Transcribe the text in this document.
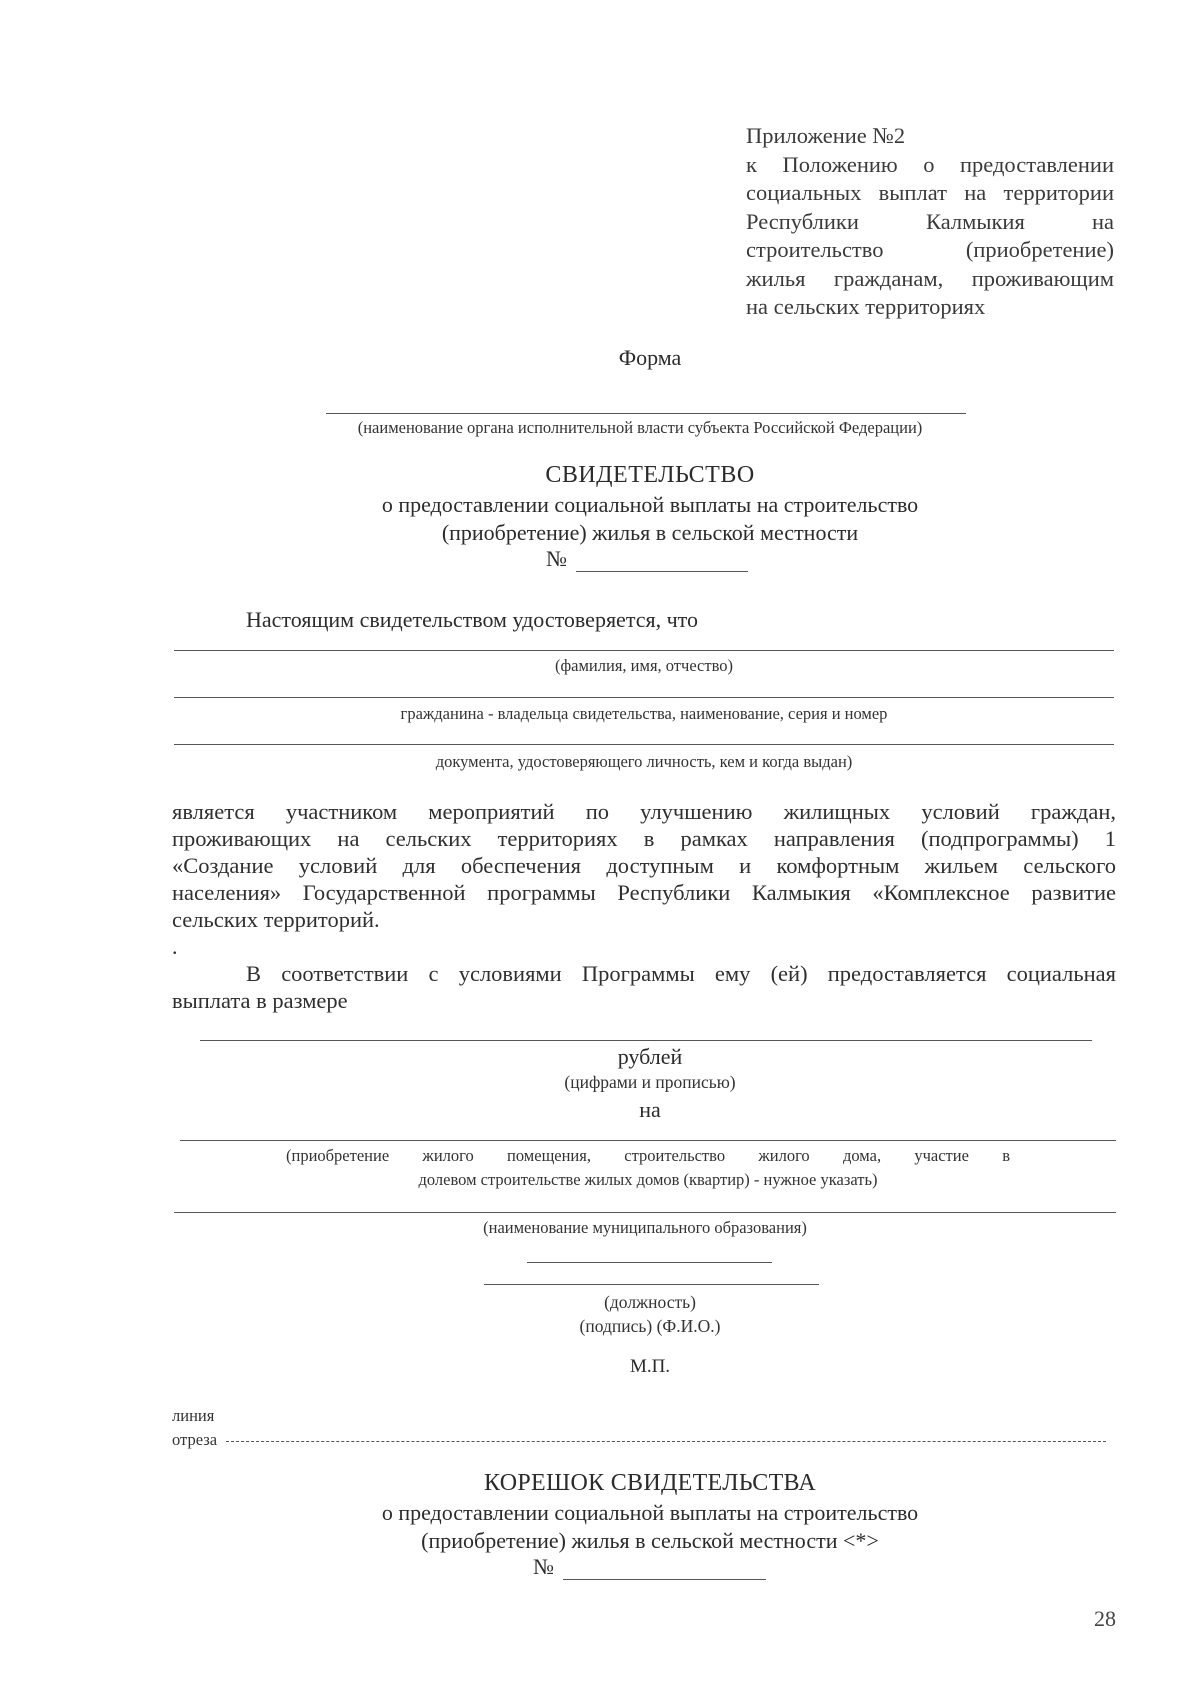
Приложение №2
к Положению о предоставлении
социальных выплат на территории
Республики Калмыкия на
строительство (приобретение)
жилья гражданам, проживающим
на сельских территориях
Форма
(наименование органа исполнительной власти субъекта Российской Федерации)
СВИДЕТЕЛЬСТВО
о предоставлении социальной выплаты на строительство
(приобретение) жилья в сельской местности
№
Настоящим свидетельством удостоверяется, что
(фамилия, имя, отчество)
гражданина - владельца свидетельства, наименование, серия и номер
документа, удостоверяющего личность, кем и когда выдан)
является участником мероприятий по улучшению жилищных условий граждан,
проживающих на сельских территориях в рамках направления (подпрограммы) 1
«Создание условий для обеспечения доступным и комфортным жильем сельского
населения» Государственной программы Республики Калмыкия «Комплексное развитие
сельских территорий.
.
В соответствии с условиями Программы ему (ей) предоставляется социальная
выплата в размере
рублей
(цифрами и прописью)
на
(приобретение жилого помещения, строительство жилого дома, участие в
долевом строительстве жилых домов (квартир) - нужное указать)
(наименование муниципального образования)
(должность)
(подпись) (Ф.И.О.)
М.П.
линия
отреза
КОРЕШОК СВИДЕТЕЛЬСТВА
о предоставлении социальной выплаты на строительство
(приобретение) жилья в сельской местности <*>
№
28
